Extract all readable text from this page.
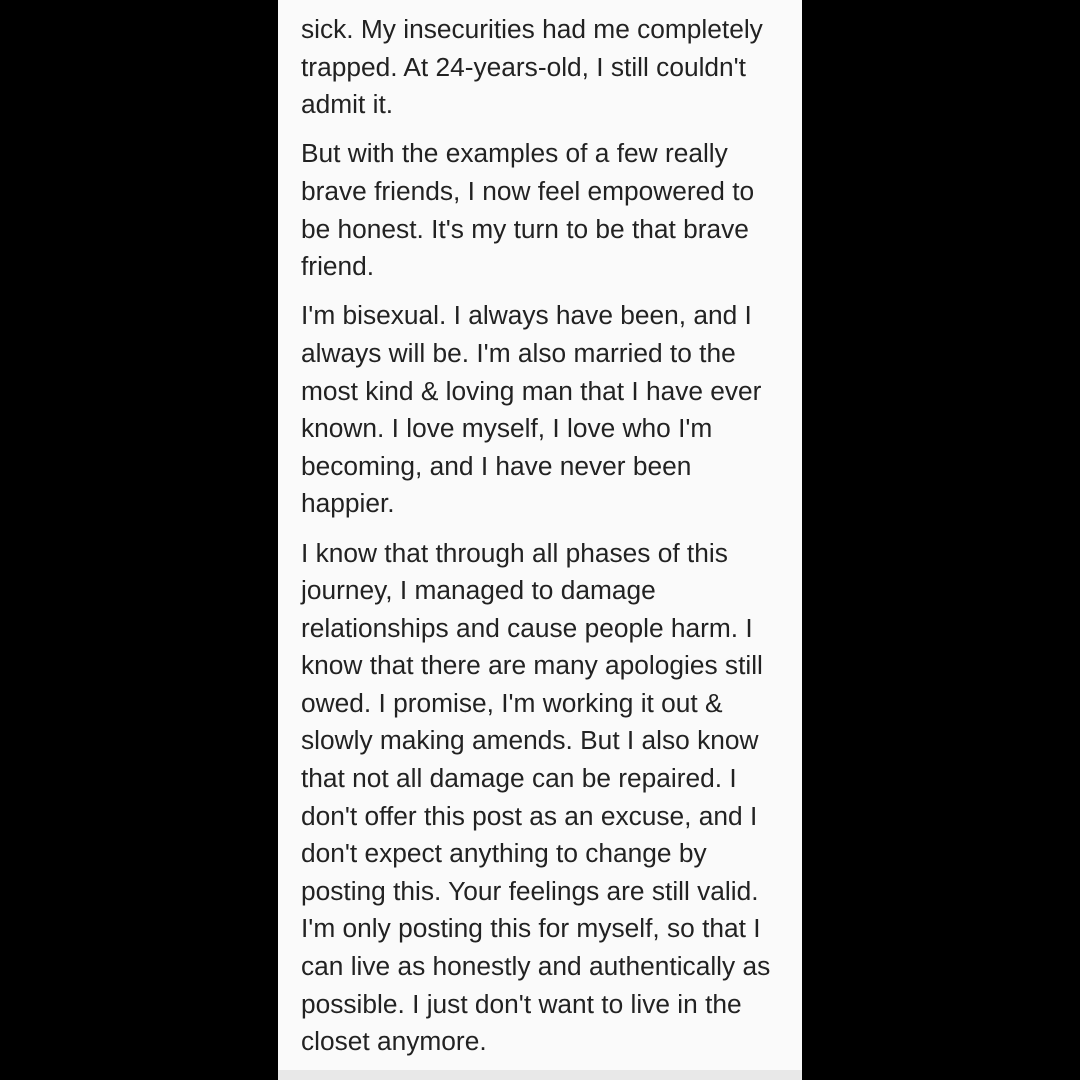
sick. My insecurities had me completely
trapped. At 24-years-old, I still couldn't
admit it.
But with the examples of a few really
brave friends, I now feel empowered to
be honest. It's my turn to be that brave
friend.
I'm bisexual. I always have been, and I
always will be. I'm also married to the
most kind & loving man that I have ever
known. I love myself, I love who I'm
becoming, and I have never been
happier.
I know that through all phases of this
journey, I managed to damage
relationships and cause people harm. I
know that there are many apologies still
owed. I promise, I'm working it out &
slowly making amends. But I also know
that not all damage can be repaired. I
don't offer this post as an excuse, and I
don't expect anything to change by
posting this. Your feelings are still valid.
I'm only posting this for myself, so that I
can live as honestly and authentically as
possible. I just don't want to live in the
closet anymore.
